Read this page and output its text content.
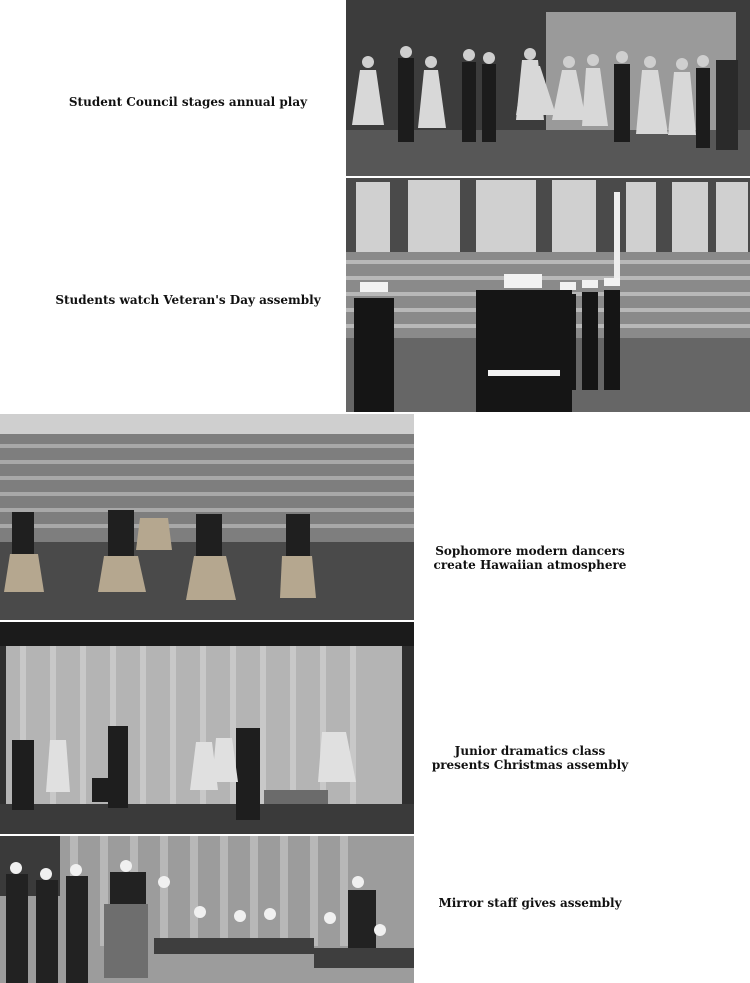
Student Council stages annual play
Students watch Veteran's Day assembly
Sophomore modern dancers
create Hawaiian atmosphere
Junior dramatics class
presents Christmas assembly
Mirror staff gives assembly
